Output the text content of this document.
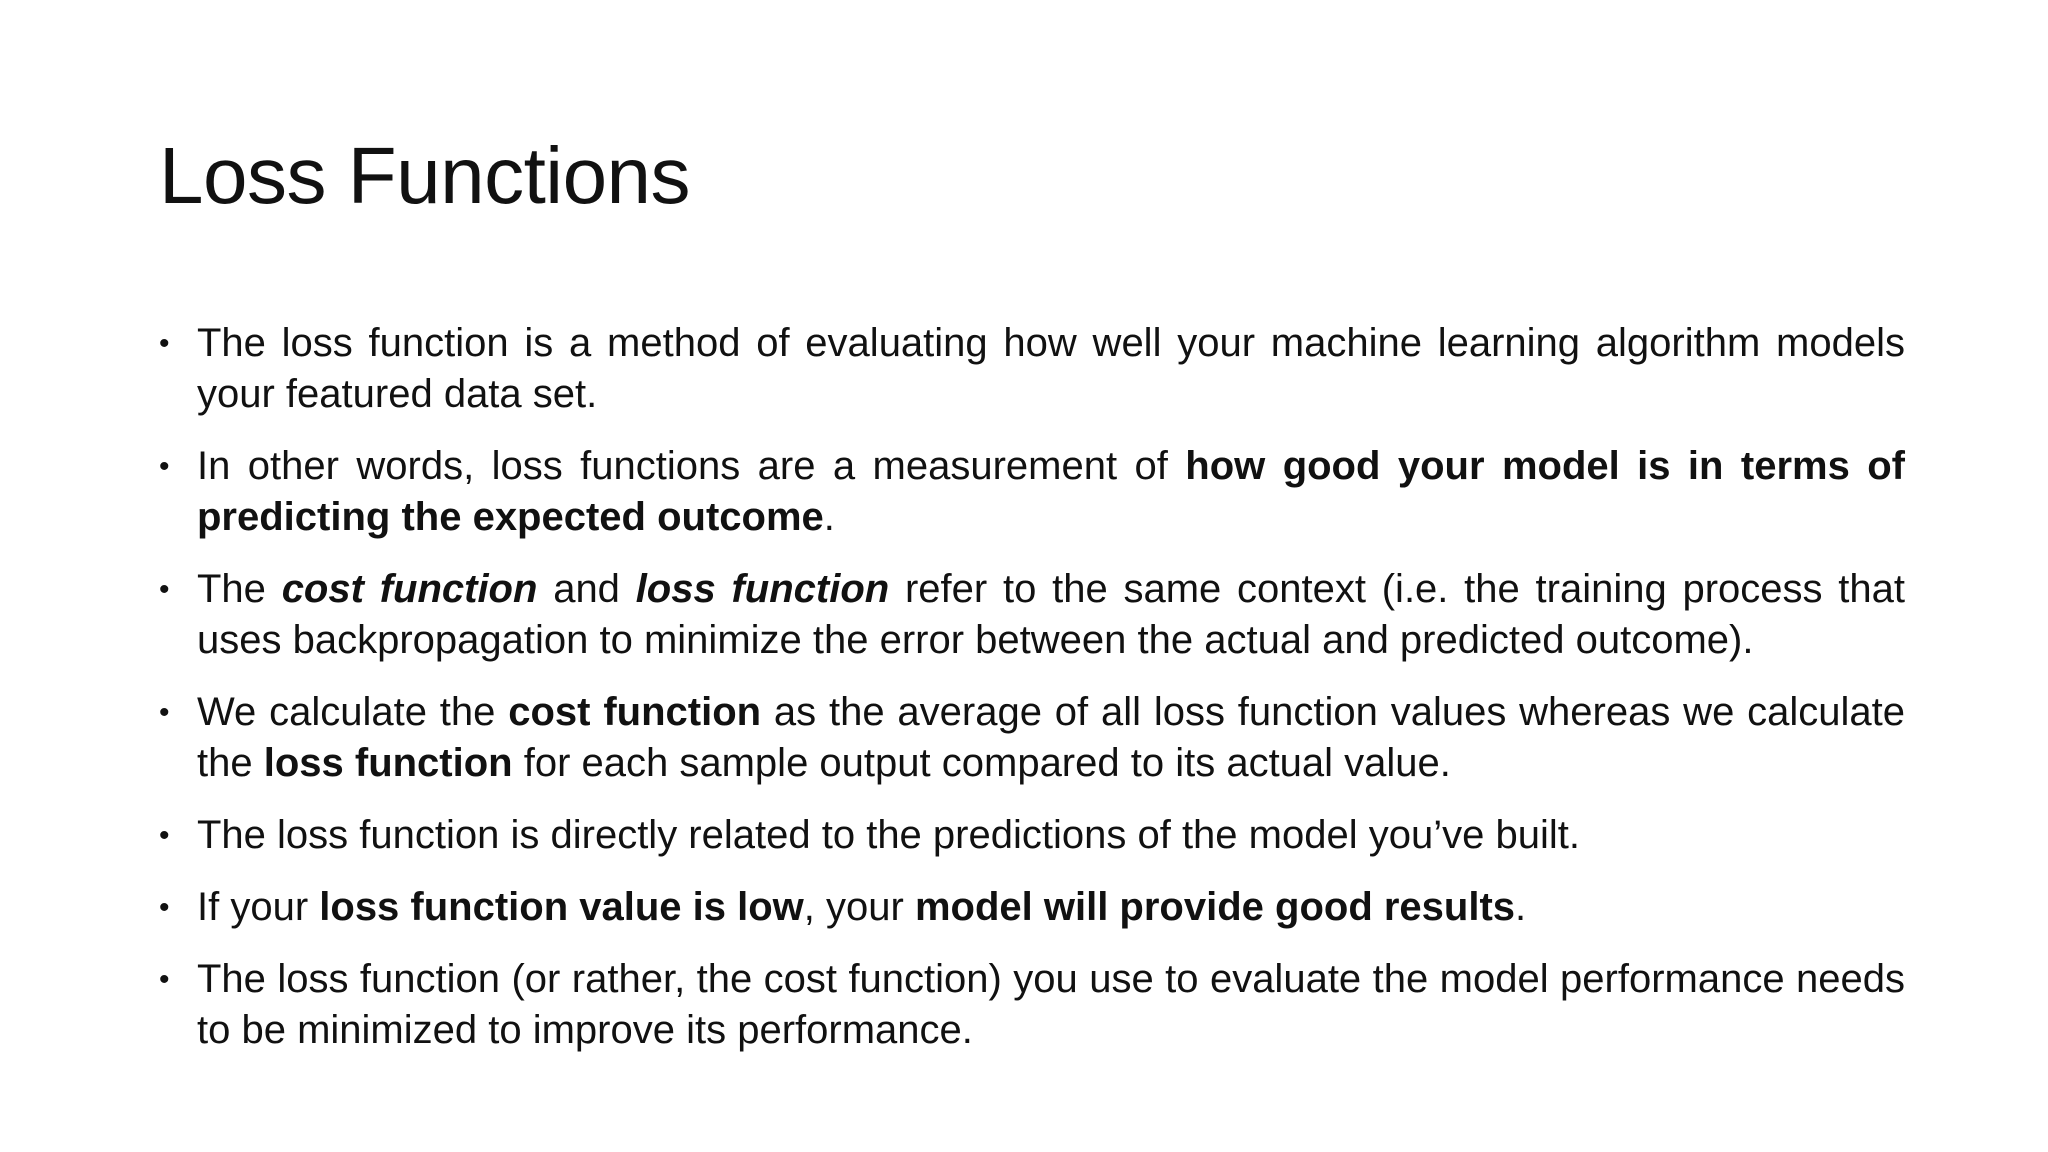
Loss Functions
• The loss function is a method of evaluating how well your machine learning algorithm models your featured data set.
• In other words, loss functions are a measurement of how good your model is in terms of predicting the expected outcome.
• The cost function and loss function refer to the same context (i.e. the training process that uses backpropagation to minimize the error between the actual and predicted outcome).
• We calculate the cost function as the average of all loss function values whereas we calculate the loss function for each sample output compared to its actual value.
• The loss function is directly related to the predictions of the model you’ve built.
• If your loss function value is low, your model will provide good results.
• The loss function (or rather, the cost function) you use to evaluate the model performance needs to be minimized to improve its performance.
